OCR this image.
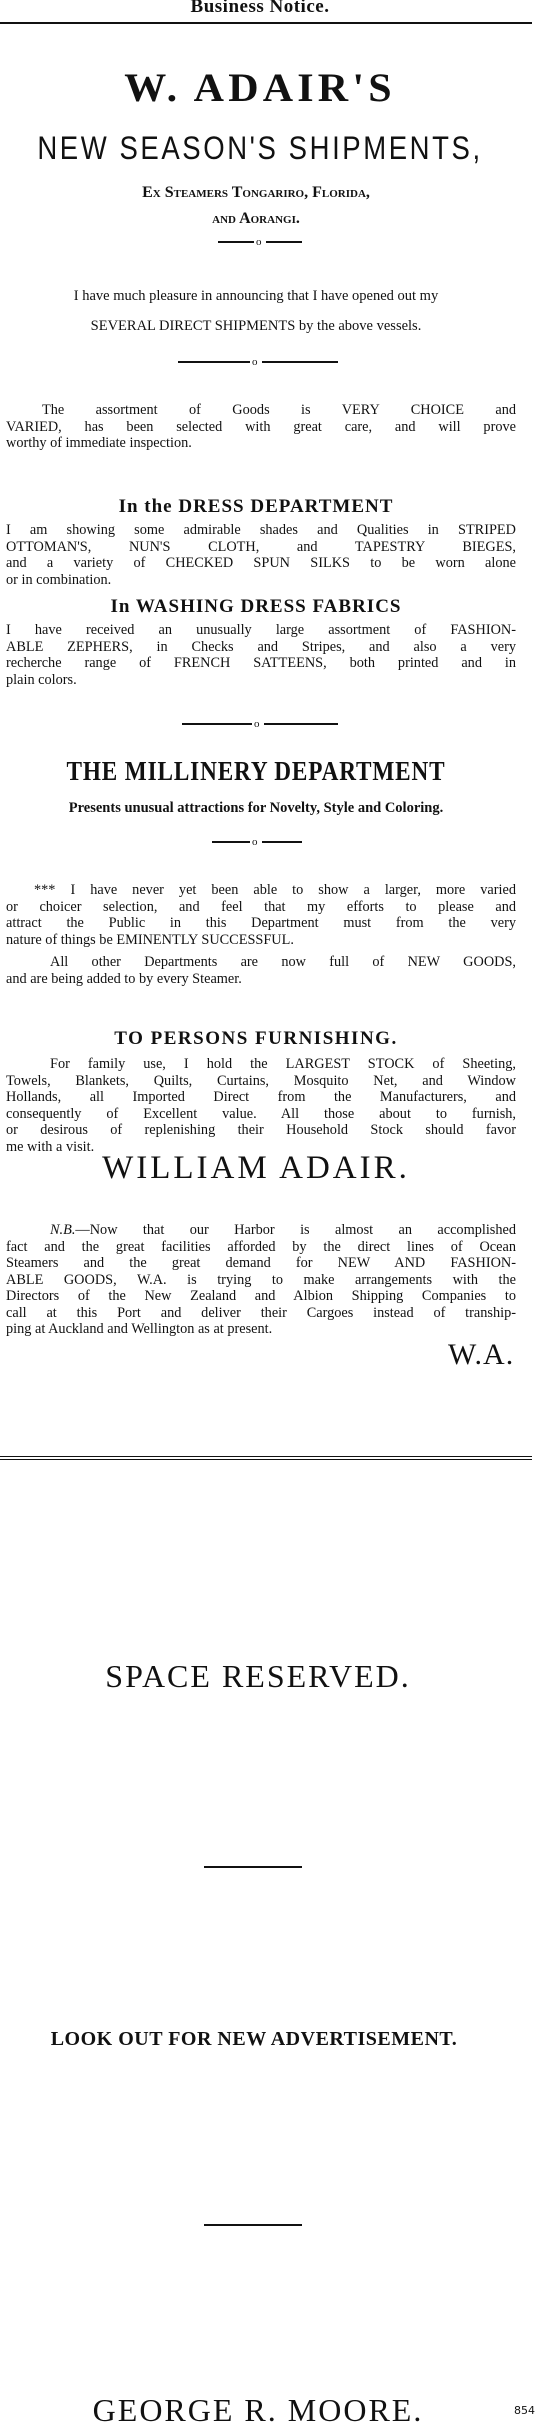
Business Notice.
W. ADAIR'S
NEW SEASON'S SHIPMENTS,
Ex Steamers Tongariro, Florida,
and Aorangi.
o
I have much pleasure in announcing that I have opened out my
SEVERAL DIRECT SHIPMENTS by the above vessels.
o
The assortment of Goods is VERY CHOICE and
VARIED, has been selected with great care, and will prove
worthy of immediate inspection.
In the DRESS DEPARTMENT
I am showing some admirable shades and Qualities in STRIPED
OTTOMAN'S, NUN'S CLOTH, and TAPESTRY BIEGES,
and a variety of CHECKED SPUN SILKS to be worn alone
or in combination.
In WASHING DRESS FABRICS
I have received an unusually large assortment of FASHION-
ABLE ZEPHERS, in Checks and Stripes, and also a very
recherche range of FRENCH SATTEENS, both printed and in
plain colors.
o
THE MILLINERY DEPARTMENT
Presents unusual attractions for Novelty, Style and Coloring.
o
*** I have never yet been able to show a larger, more varied
or choicer selection, and feel that my efforts to please and
attract the Public in this Department must from the very
nature of things be EMINENTLY SUCCESSFUL.
All other Departments are now full of NEW GOODS,
and are being added to by every Steamer.
TO PERSONS FURNISHING.
For family use, I hold the LARGEST STOCK of Sheeting,
Towels, Blankets, Quilts, Curtains, Mosquito Net, and Window
Hollands, all Imported Direct from the Manufacturers, and
consequently of Excellent value. All those about to furnish,
or desirous of replenishing their Household Stock should favor
me with a visit.
WILLIAM ADAIR.
N.B.—Now that our Harbor is almost an accomplished
fact and the great facilities afforded by the direct lines of Ocean
Steamers and the great demand for NEW AND FASHION-
ABLE GOODS, W.A. is trying to make arrangements with the
Directors of the New Zealand and Albion Shipping Companies to
call at this Port and deliver their Cargoes instead of tranship-
ping at Auckland and Wellington as at present.
W.A.
SPACE RESERVED.
LOOK OUT FOR NEW ADVERTISEMENT.
GEORGE R. MOORE.	854
